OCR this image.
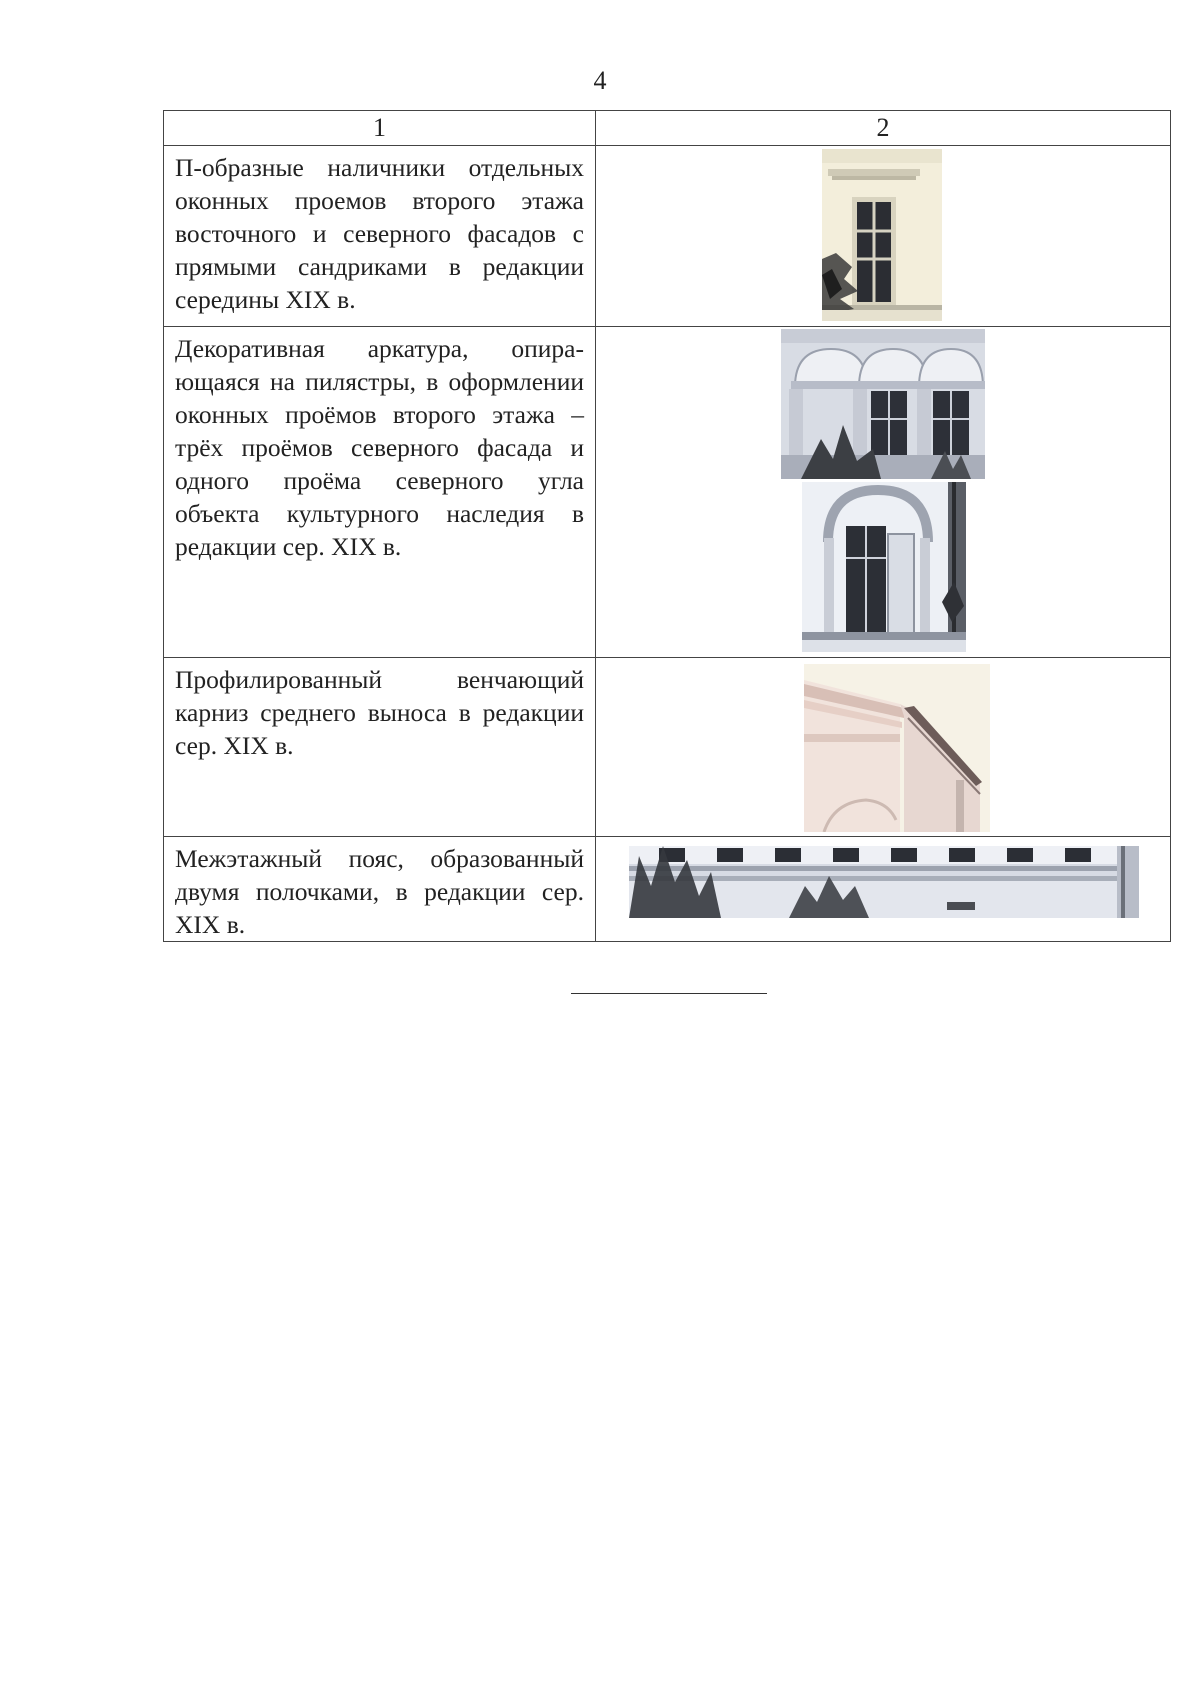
4
1	2

П-образные наличники отдельных оконных проемов второго этажа восточного и северного фасадов с прямыми сандриками в редакции середины XIX в.

Декоративная аркатура, опирающаяся на пилястры, в оформлении оконных проёмов второго этажа – трёх проёмов северного фасада и одного проёма северного угла объекта культурного наследия в редакции сер. XIX в.

Профилированный венчающий карниз среднего выноса в редакции сер. XIX в.

Межэтажный пояс, образованный двумя полочками, в редакции сер. XIX в.
